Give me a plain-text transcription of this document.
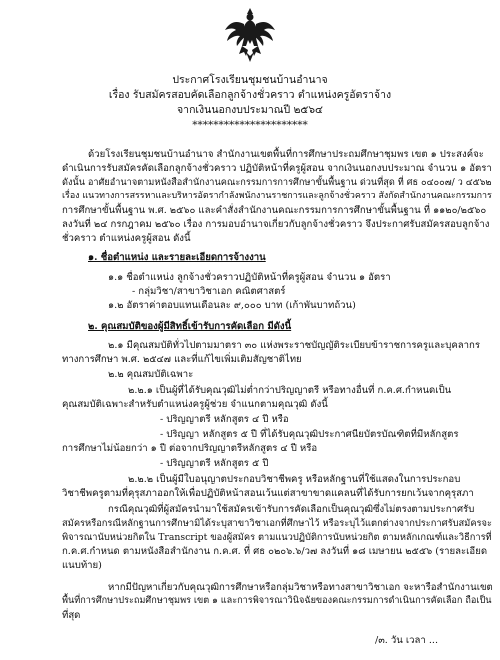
ประกาศโรงเรียนชุมชนบ้านอำนาจ
เรื่อง รับสมัครสอบคัดเลือกลูกจ้างชั่วคราว ตำแหน่งครูอัตราจ้าง
จากเงินนอกงบประมาณปี ๒๕๖๔
**********************
ด้วยโรงเรียนชุมชนบ้านอำนาจ สำนักงานเขตพื้นที่การศึกษาประถมศึกษาชุมพร เขต ๑ ประสงค์จะ
ดำเนินการรับสมัครคัดเลือกลูกจ้างชั่วคราว ปฏิบัติหน้าที่ครูผู้สอน จากเงินนอกงบประมาณ จำนวน ๑ อัตรา
ดังนั้น อาศัยอำนาจตามหนังสือสำนักงานคณะกรรมการการศึกษาขั้นพื้นฐาน ด่วนที่สุด ที่ ศธ ๐๔๐๐๗/ ว ๔๕๖๒
เรื่อง แนวทางการสรรหาและบริหารอัตรากำลังพนักงานราชการและลูกจ้างชั่วคราว สังกัดสำนักงานคณะกรรมการ
การศึกษาขั้นพื้นฐาน พ.ศ. ๒๕๖๐ และคำสั่งสำนักงานคณะกรรมการการศึกษาขั้นพื้นฐาน ที่ ๑๑๒๐/๒๕๖๐
ลงวันที่ ๒๔ กรกฎาคม ๒๕๖๐ เรื่อง การมอบอำนาจเกี่ยวกับลูกจ้างชั่วคราว จึงประกาศรับสมัครสอบลูกจ้าง
ชั่วคราว ตำแหน่งครูผู้สอน ดังนี้
๑. ชื่อตำแหน่ง และรายละเอียดการจ้างงาน
๑.๑ ชื่อตำแหน่ง ลูกจ้างชั่วคราวปฏิบัติหน้าที่ครูผู้สอน จำนวน ๑ อัตรา
- กลุ่มวิชา/สาขาวิชาเอก คณิตศาสตร์
๑.๒ อัตราค่าตอบแทนเดือนละ ๙,๐๐๐ บาท (เก้าพันบาทถ้วน)
๒. คุณสมบัติของผู้มีสิทธิ์เข้ารับการคัดเลือก มีดังนี้
๒.๑ มีคุณสมบัติทั่วไปตามมาตรา ๓๐ แห่งพระราชบัญญัติระเบียบข้าราชการครูและบุคลากร
ทางการศึกษา พ.ศ. ๒๕๔๗ และที่แก้ไขเพิ่มเติมสัญชาติไทย
๒.๒ คุณสมบัติเฉพาะ
๒.๒.๑ เป็นผู้ที่ได้รับคุณวุฒิไม่ต่ำกว่าปริญญาตรี หรือทางอื่นที่ ก.ค.ศ.กำหนดเป็น
คุณสมบัติเฉพาะสำหรับตำแหน่งครูผู้ช่วย จำแนกตามคุณวุฒิ ดังนี้
- ปริญญาตรี หลักสูตร ๔ ปี หรือ
- ปริญญา หลักสูตร ๕ ปี ที่ได้รับคุณวุฒิประกาศนียบัตรบัณฑิตที่มีหลักสูตร
การศึกษาไม่น้อยกว่า ๑ ปี ต่อจากปริญญาตรีหลักสูตร ๔ ปี หรือ
- ปริญญาตรี หลักสูตร ๕ ปี
๒.๒.๒ เป็นผู้มีใบอนุญาตประกอบวิชาชีพครู หรือหลักฐานที่ใช้แสดงในการประกอบ
วิชาชีพครูตามที่คุรุสภาออกให้เพื่อปฏิบัติหน้าสอนเว้นแต่สาขาขาดแคลนที่ได้รับการยกเว้นจากคุรุสภา
กรณีคุณวุฒิที่ผู้สมัครนำมาใช้สมัครเข้ารับการคัดเลือกเป็นคุณวุฒิซึ่งไม่ตรงตามประกาศรับ
สมัครหรือกรณีหลักฐานการศึกษามิได้ระบุสาขาวิชาเอกที่ศึกษาไว้ หรือระบุไว้แตกต่างจากประกาศรับสมัครจะ
พิจารณานับหน่วยกิตใน Transcript ของผู้สมัคร ตามแนวปฏิบัติการนับหน่วยกิต ตามหลักเกณฑ์และวิธีการที่
ก.ค.ศ.กำหนด ตามหนังสือสำนักงาน ก.ค.ศ. ที่ ศธ ๐๒๐๖.๖/ว๗ ลงวันที่ ๑๘ เมษายน ๒๕๕๖ (รายละเอียด
แนบท้าย)
หากมีปัญหาเกี่ยวกับคุณวุฒิการศึกษาหรือกลุ่มวิชาหรือทางสาขาวิชาเอก จะหารือสำนักงานเขต
พื้นที่การศึกษาประถมศึกษาชุมพร เขต ๑ และการพิจารณาวินิจฉัยของคณะกรรมการดำเนินการคัดเลือก ถือเป็น
ที่สุด
/๓. วัน เวลา ...
